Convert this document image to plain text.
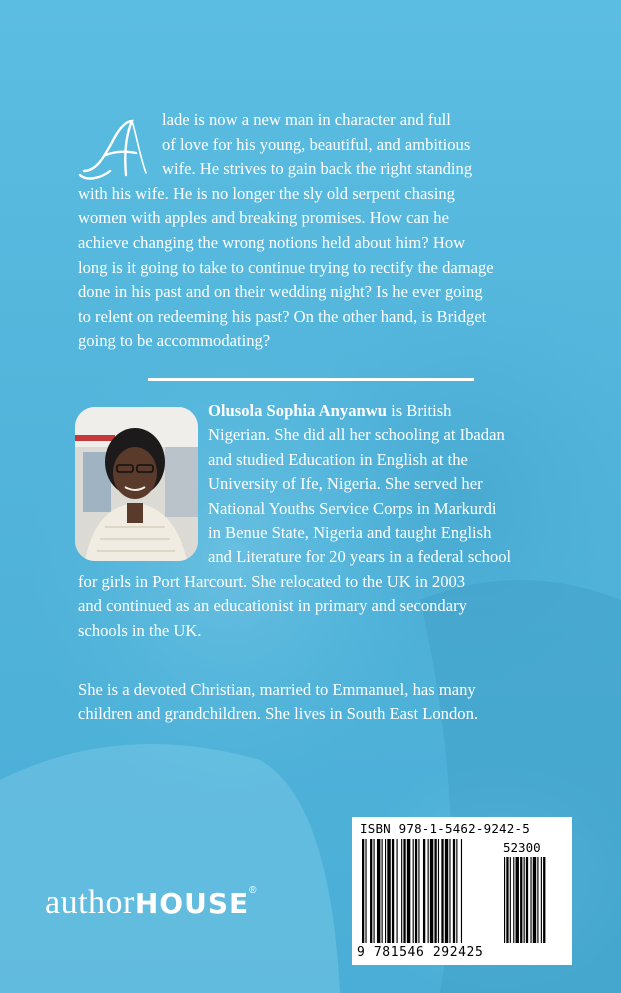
lade is now a new man in character and full
of love for his young, beautiful, and ambitious
wife. He strives to gain back the right standing
with his wife. He is no longer the sly old serpent chasing
women with apples and breaking promises. How can he
achieve changing the wrong notions held about him? How
long is it going to take to continue trying to rectify the damage
done in his past and on their wedding night? Is he ever going
to relent on redeeming his past? On the other hand, is Bridget
going to be accommodating?
Olusola Sophia Anyanwu is British
Nigerian. She did all her schooling at Ibadan
and studied Education in English at the
University of Ife, Nigeria. She served her
National Youths Service Corps in Markurdi
in Benue State, Nigeria and taught English
and Literature for 20 years in a federal school
for girls in Port Harcourt. She relocated to the UK in 2003
and continued as an educationist in primary and secondary
schools in the UK.
She is a devoted Christian, married to Emmanuel, has many
children and grandchildren. She lives in South East London.
authorHOUSE®
ISBN 978-1-5462-9242-5
52300
9 781546 292425
